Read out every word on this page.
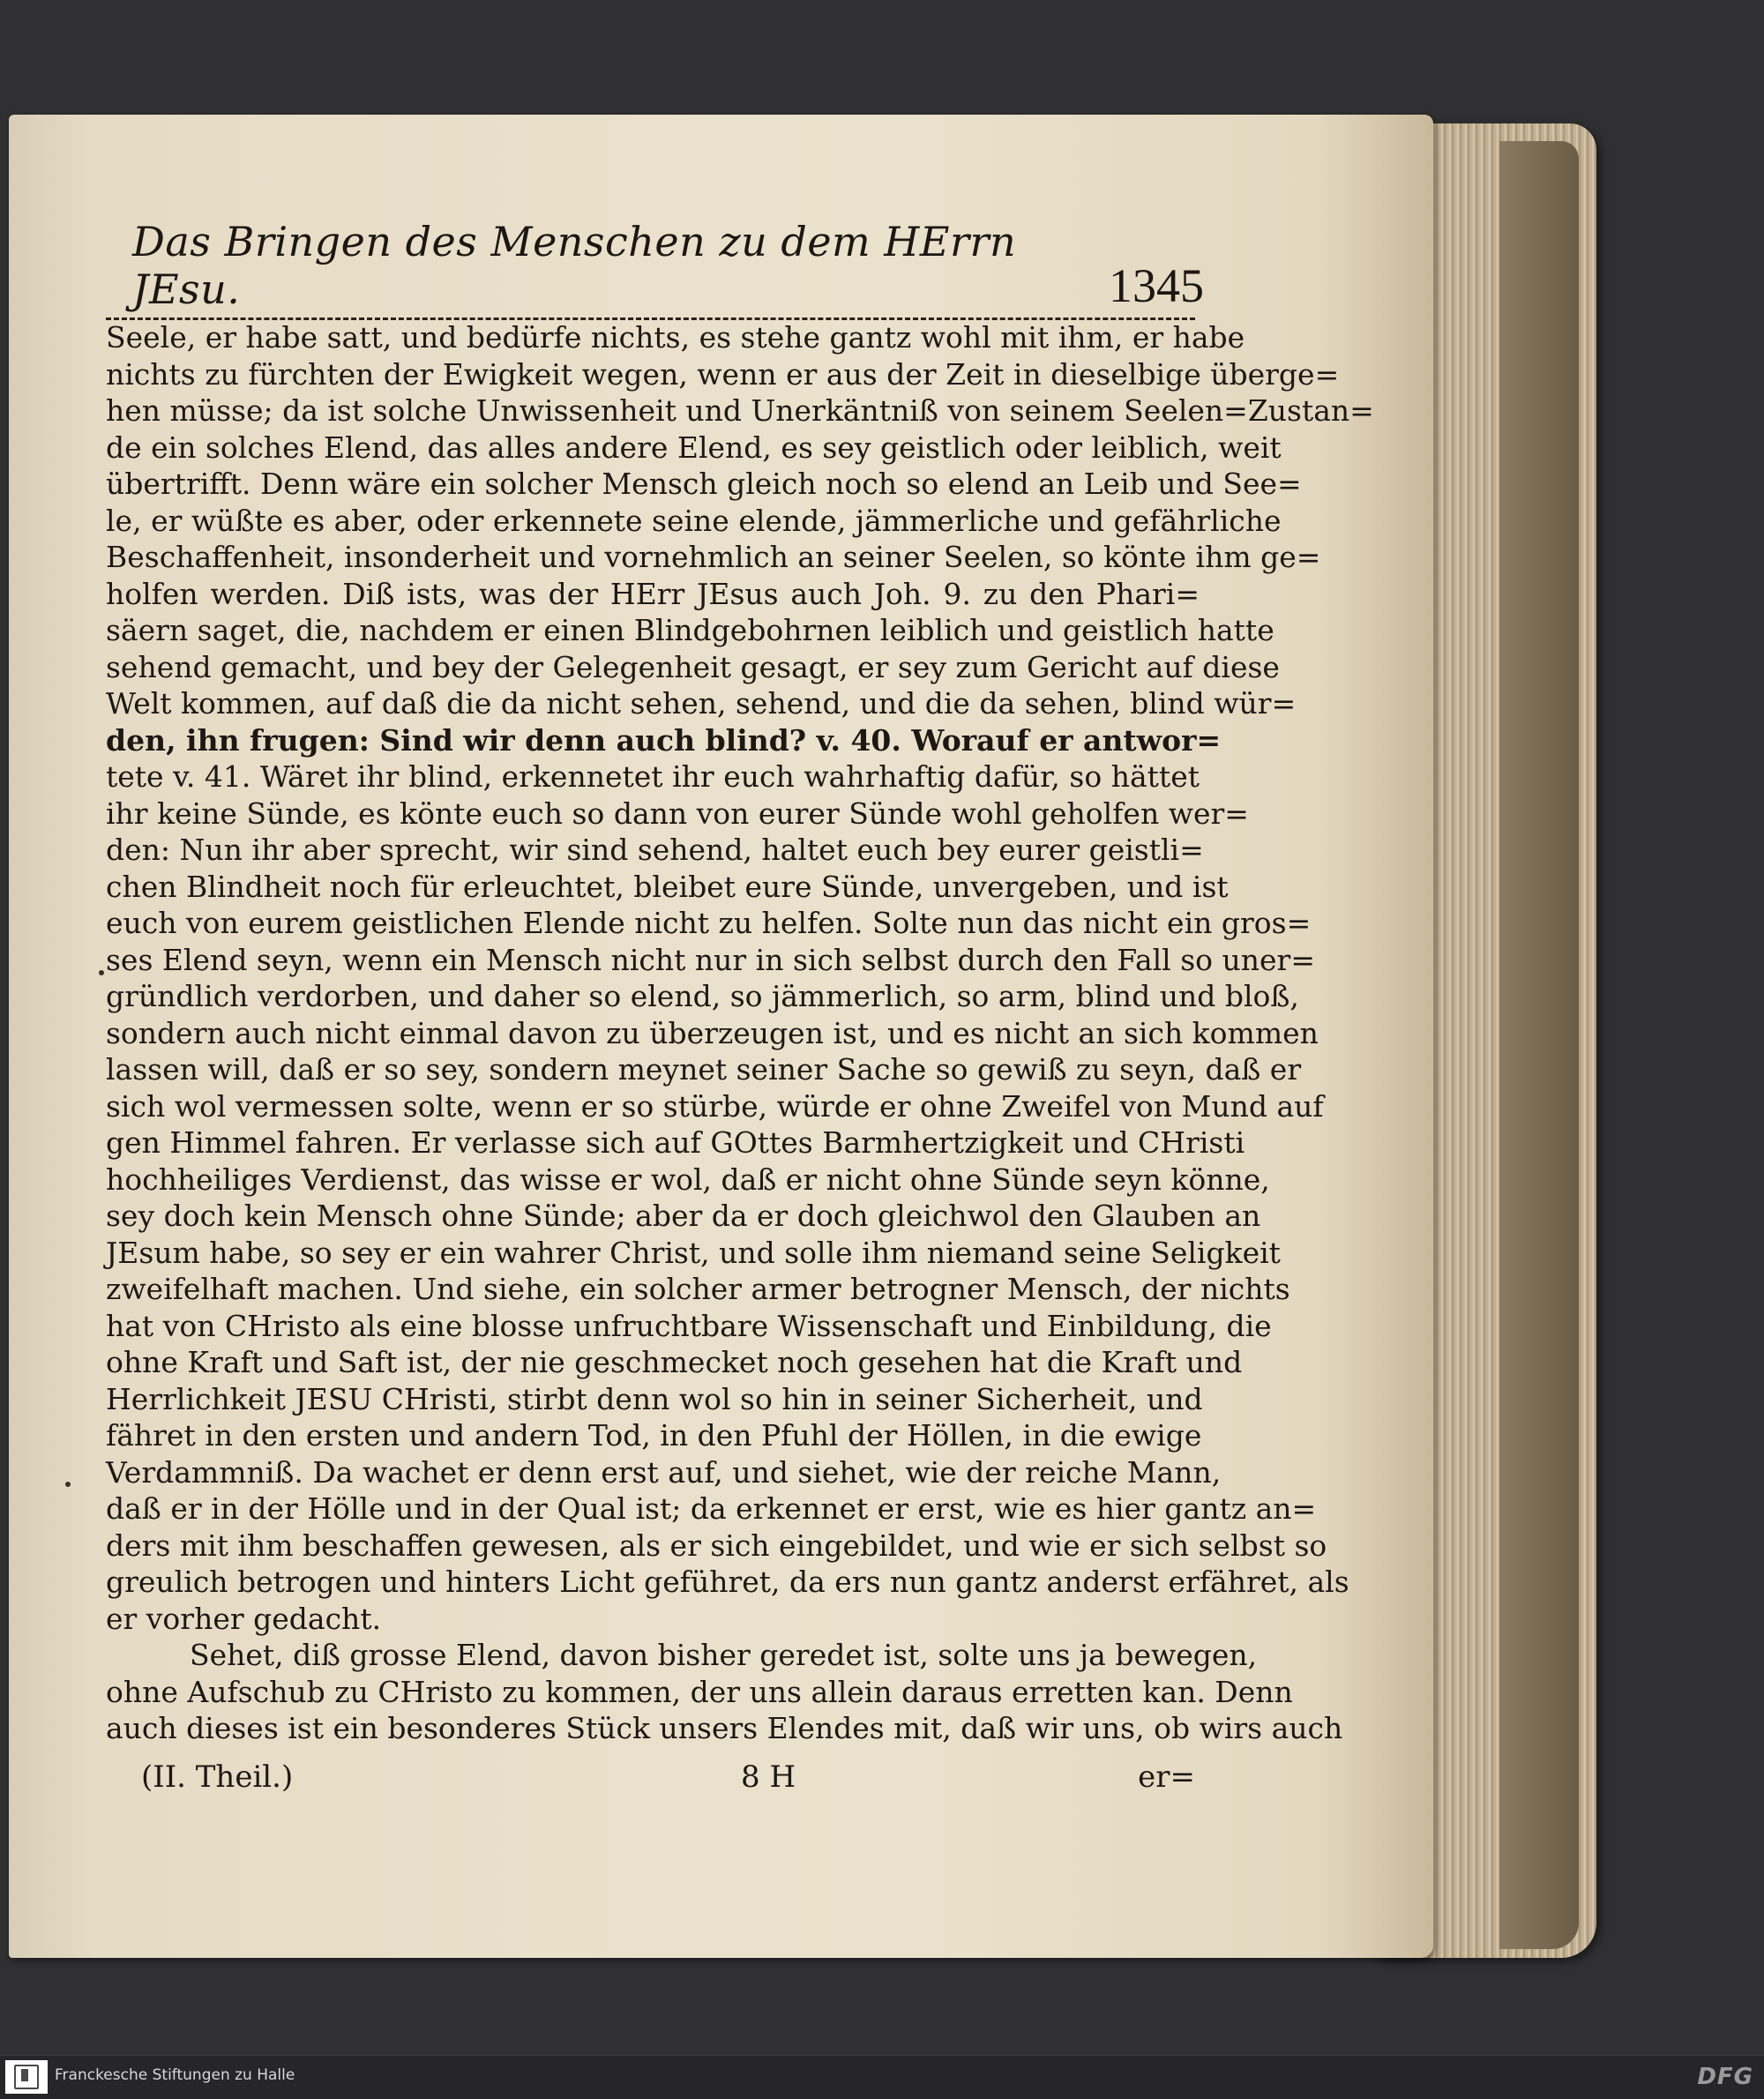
Das Bringen des Menschen zu dem HErrn JEsu.	1345
Seele, er habe satt, und bedürfe nichts, es stehe gantz wohl mit ihm, er habe
nichts zu fürchten der Ewigkeit wegen, wenn er aus der Zeit in dieselbige überge=
hen müsse; da ist solche Unwissenheit und Unerkäntniß von seinem Seelen=Zustan=
de ein solches Elend, das alles andere Elend, es sey geistlich oder leiblich, weit
übertrifft. Denn wäre ein solcher Mensch gleich noch so elend an Leib und See=
le, er wüßte es aber, oder erkennete seine elende, jämmerliche und gefährliche
Beschaffenheit, insonderheit und vornehmlich an seiner Seelen, so könte ihm ge=
holfen werden. Diß ists, was der HErr JEsus auch Joh. 9. zu den Phari=
säern saget, die, nachdem er einen Blindgebohrnen leiblich und geistlich hatte
sehend gemacht, und bey der Gelegenheit gesagt, er sey zum Gericht auf diese
Welt kommen, auf daß die da nicht sehen, sehend, und die da sehen, blind wür=
den, ihn frugen: Sind wir denn auch blind? v. 40. Worauf er antwor=
tete v. 41. Wäret ihr blind, erkennetet ihr euch wahrhaftig dafür, so hättet
ihr keine Sünde, es könte euch so dann von eurer Sünde wohl geholfen wer=
den: Nun ihr aber sprecht, wir sind sehend, haltet euch bey eurer geistli=
chen Blindheit noch für erleuchtet, bleibet eure Sünde, unvergeben, und ist
euch von eurem geistlichen Elende nicht zu helfen. Solte nun das nicht ein gros=
ses Elend seyn, wenn ein Mensch nicht nur in sich selbst durch den Fall so uner=
gründlich verdorben, und daher so elend, so jämmerlich, so arm, blind und bloß,
sondern auch nicht einmal davon zu überzeugen ist, und es nicht an sich kommen
lassen will, daß er so sey, sondern meynet seiner Sache so gewiß zu seyn, daß er
sich wol vermessen solte, wenn er so stürbe, würde er ohne Zweifel von Mund auf
gen Himmel fahren. Er verlasse sich auf GOttes Barmhertzigkeit und CHristi
hochheiliges Verdienst, das wisse er wol, daß er nicht ohne Sünde seyn könne,
sey doch kein Mensch ohne Sünde; aber da er doch gleichwol den Glauben an
JEsum habe, so sey er ein wahrer Christ, und solle ihm niemand seine Seligkeit
zweifelhaft machen. Und siehe, ein solcher armer betrogner Mensch, der nichts
hat von CHristo als eine blosse unfruchtbare Wissenschaft und Einbildung, die
ohne Kraft und Saft ist, der nie geschmecket noch gesehen hat die Kraft und
Herrlichkeit JESU CHristi, stirbt denn wol so hin in seiner Sicherheit, und
fähret in den ersten und andern Tod, in den Pfuhl der Höllen, in die ewige
Verdammniß. Da wachet er denn erst auf, und siehet, wie der reiche Mann,
daß er in der Hölle und in der Qual ist; da erkennet er erst, wie es hier gantz an=
ders mit ihm beschaffen gewesen, als er sich eingebildet, und wie er sich selbst so
greulich betrogen und hinters Licht geführet, da ers nun gantz anderst erfähret, als
er vorher gedacht.
Sehet, diß grosse Elend, davon bisher geredet ist, solte uns ja bewegen,
ohne Aufschub zu CHristo zu kommen, der uns allein daraus erretten kan. Denn
auch dieses ist ein besonderes Stück unsers Elendes mit, daß wir uns, ob wirs auch
(II. Theil.)	8 H	er=
Franckesche Stiftungen zu Halle	DFG
